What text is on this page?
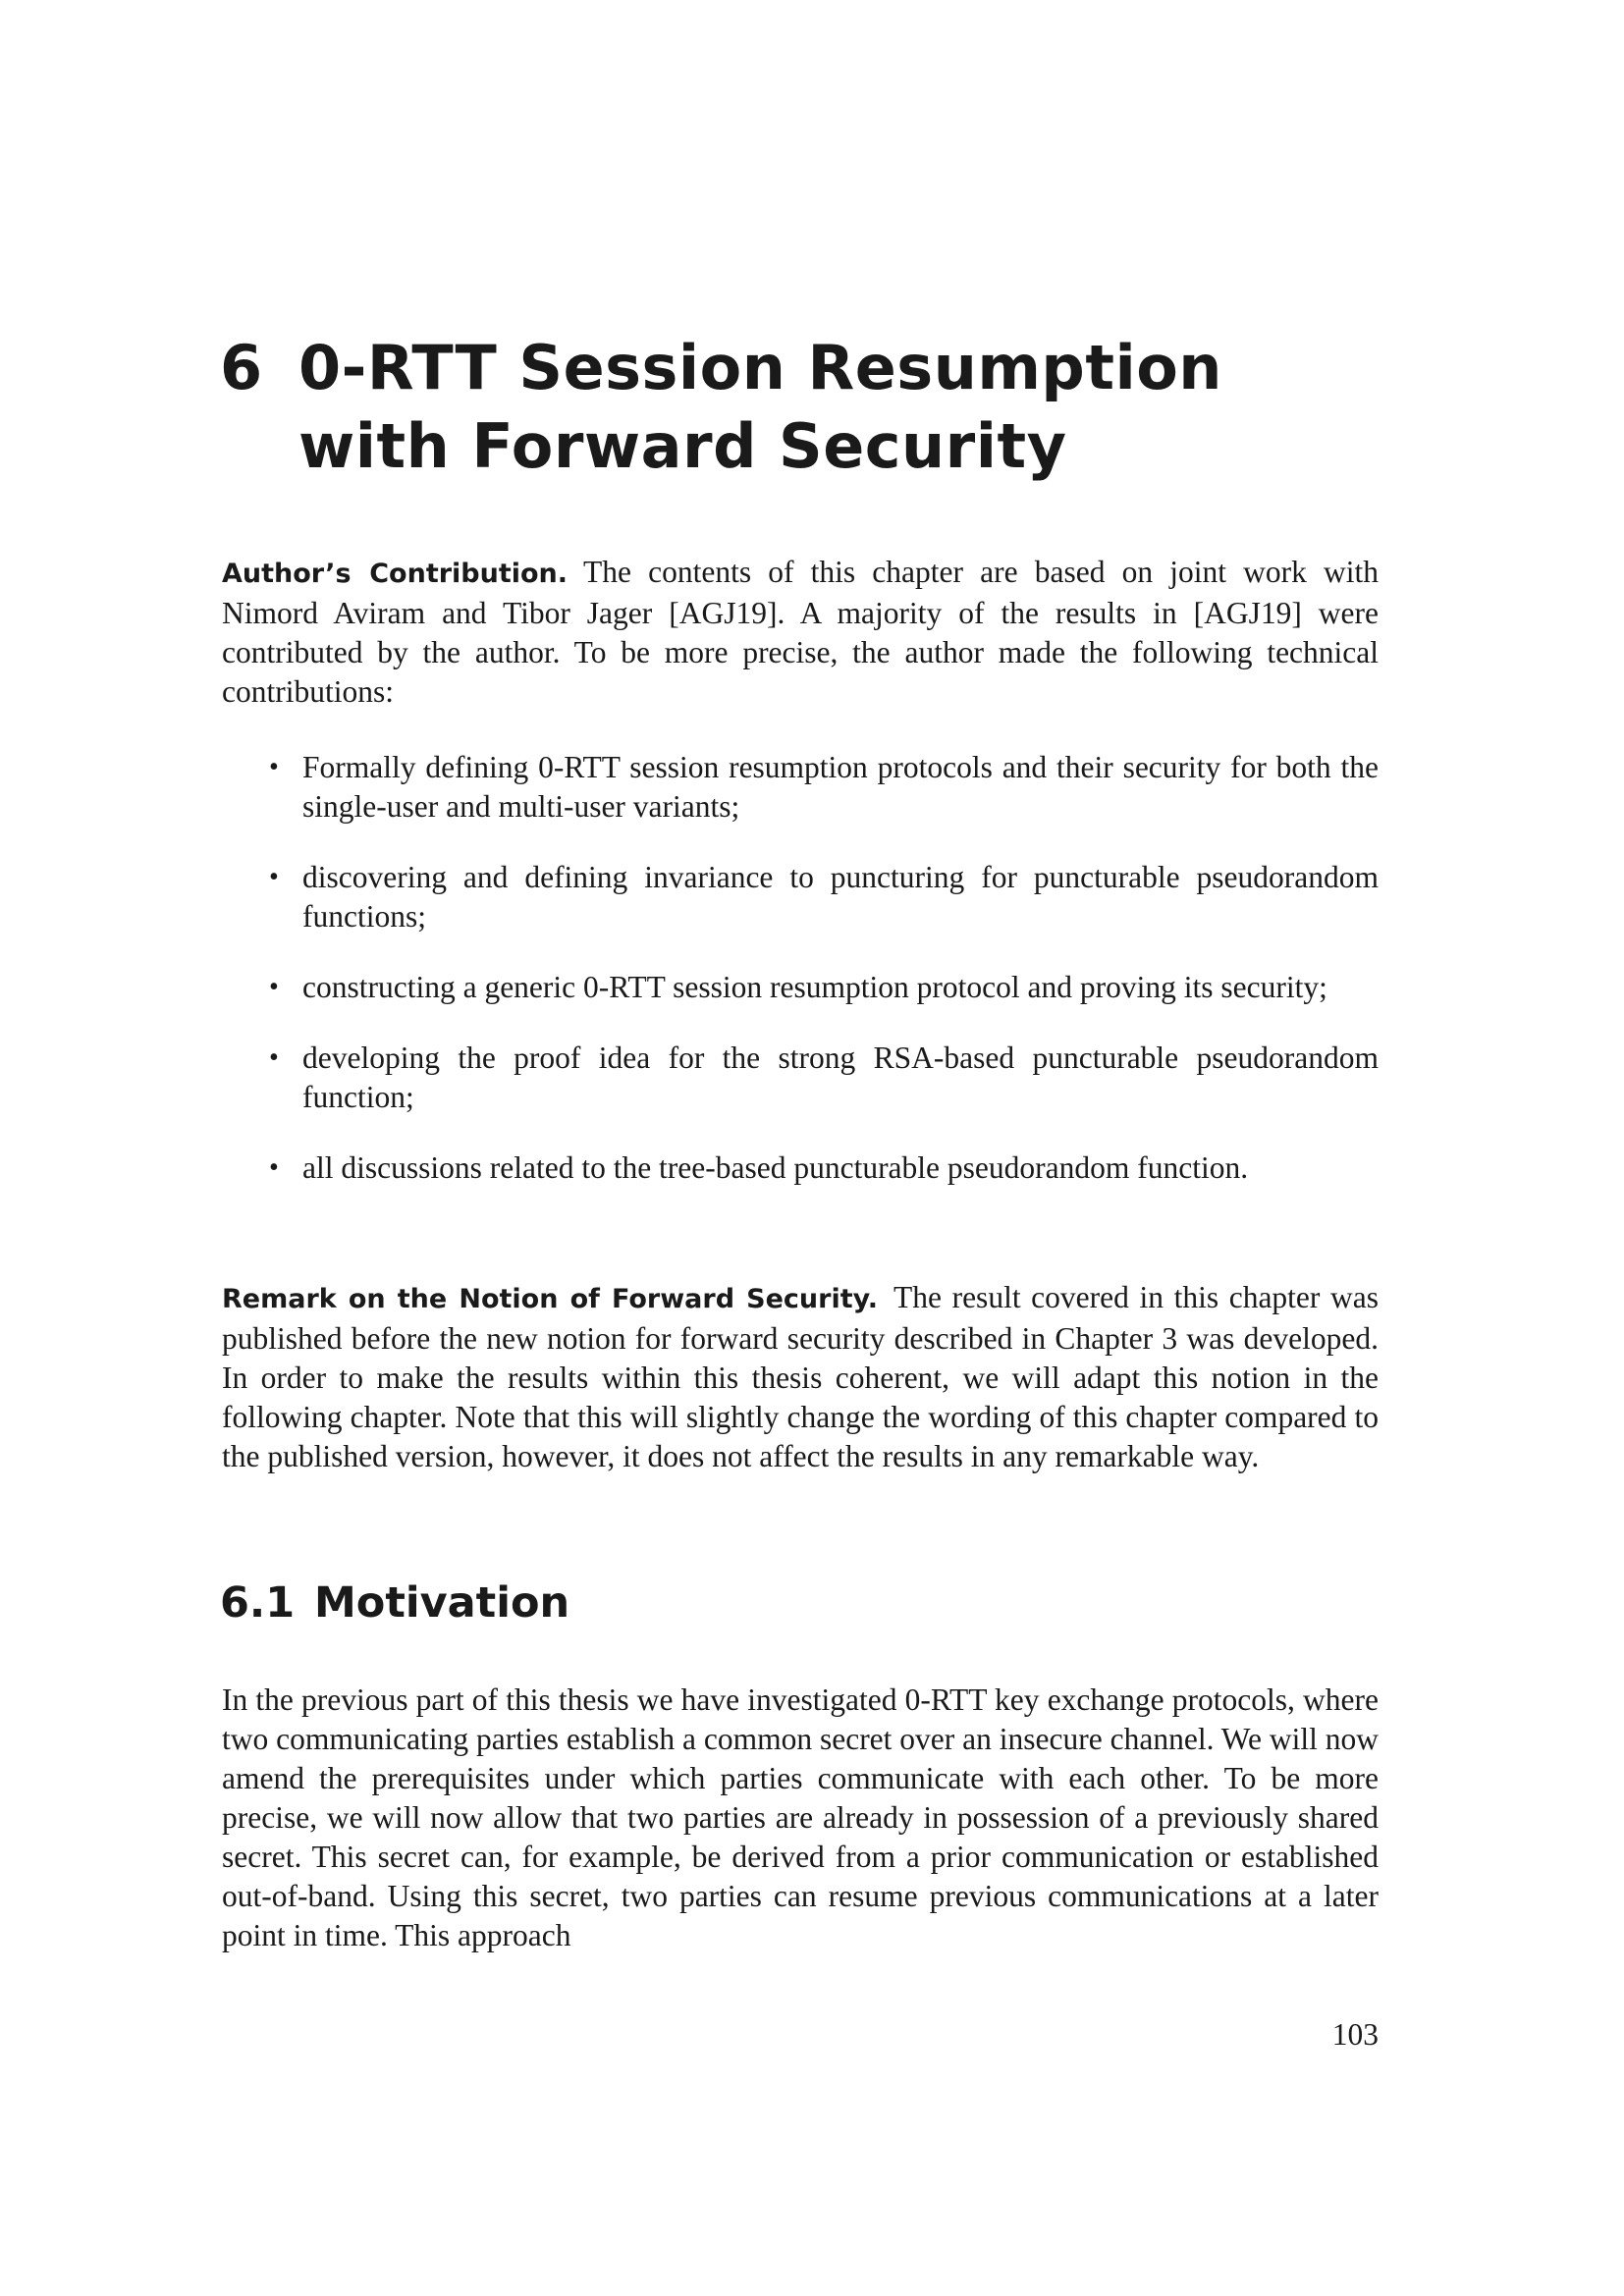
6 0-RTT Session Resumption with Forward Security

Author’s Contribution. The contents of this chapter are based on joint work with Nimord Aviram and Tibor Jager [AGJ19]. A majority of the results in [AGJ19] were contributed by the author. To be more precise, the author made the following technical contributions:

• Formally defining 0-RTT session resumption protocols and their security for both the single-user and multi-user variants;
• discovering and defining invariance to puncturing for puncturable pseudorandom functions;
• constructing a generic 0-RTT session resumption protocol and proving its security;
• developing the proof idea for the strong RSA-based puncturable pseudorandom function;
• all discussions related to the tree-based puncturable pseudorandom function.

Remark on the Notion of Forward Security. The result covered in this chapter was published before the new notion for forward security described in Chapter 3 was developed. In order to make the results within this thesis coherent, we will adapt this notion in the following chapter. Note that this will slightly change the wording of this chapter compared to the published version, however, it does not affect the results in any remarkable way.

6.1 Motivation

In the previous part of this thesis we have investigated 0-RTT key exchange protocols, where two communicating parties establish a common secret over an insecure channel. We will now amend the prerequisites under which parties communicate with each other. To be more precise, we will now allow that two parties are already in possession of a previously shared secret. This secret can, for example, be derived from a prior communication or established out-of-band. Using this secret, two parties can resume previous communications at a later point in time. This approach

103
